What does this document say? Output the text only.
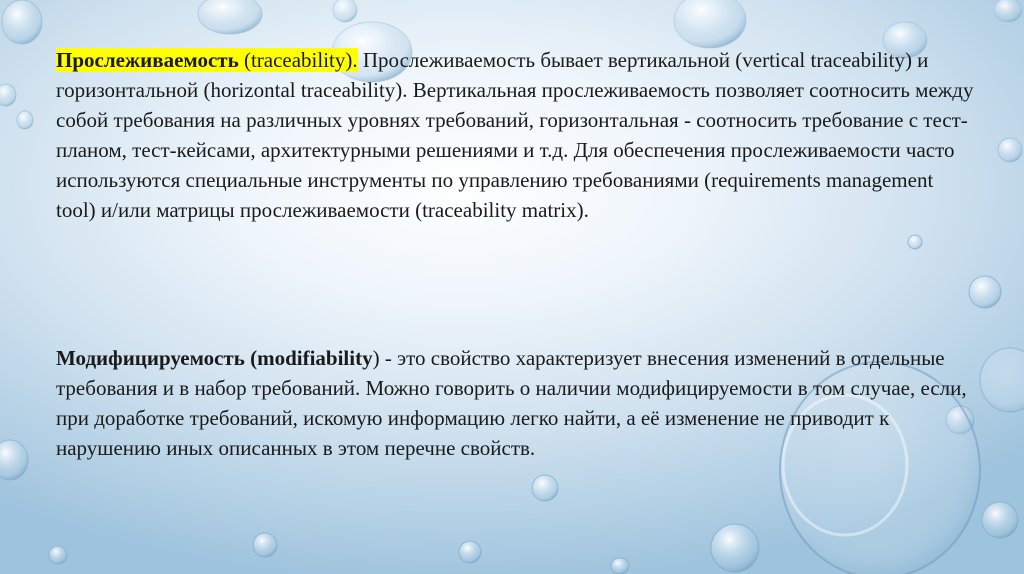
Прослеживаемость (traceability). Прослеживаемость бывает вертикальной (vertical traceability) и горизонтальной (horizontal traceability). Вертикальная прослеживаемость позволяет соотносить между собой требования на различных уровнях требований, горизонтальная - соотносить требование с тест-планом, тест-кейсами, архитектурными решениями и т.д. Для обеспечения прослеживаемости часто используются специальные инструменты по управлению требованиями (requirements management tool) и/или матрицы прослеживаемости (traceability matrix).
Модифицируемость (modifiability) - это свойство характеризует внесения изменений в отдельные требования и в набор требований. Можно говорить о наличии модифицируемости в том случае, если, при доработке требований, искомую информацию легко найти, а её изменение не приводит к нарушению иных описанных в этом перечне свойств.
